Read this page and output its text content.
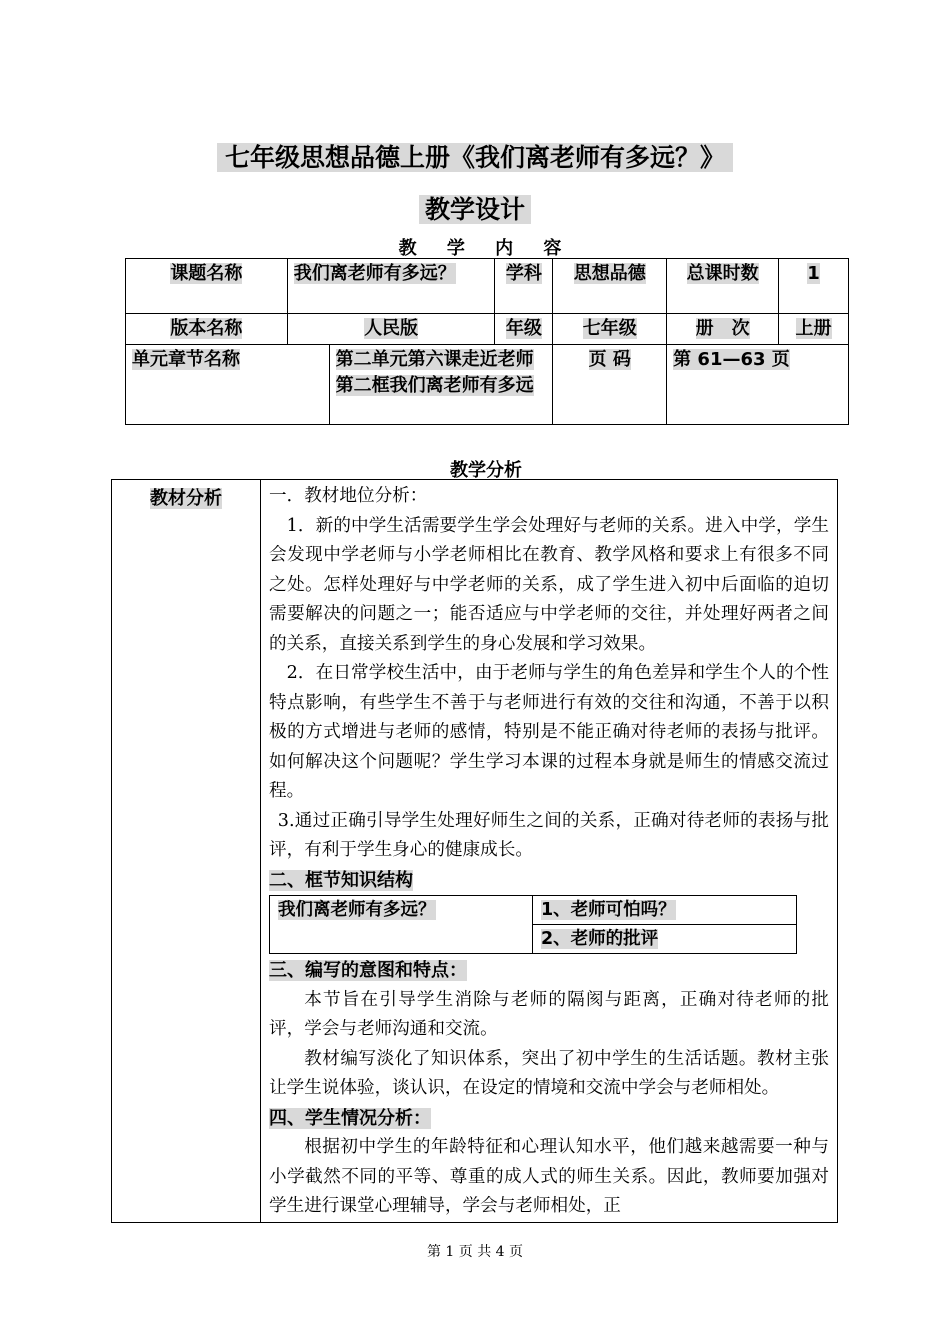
七年级思想品德上册《我们离老师有多远？》
教学设计
教 学 内 容
课题名称	我们离老师有多远？		学科	思想品德	总课时数	1
版本名称	人民版		年级	七年级	册　次	上册
单元章节名称		第二单元第六课走近老师第二框我们离老师有多远		页 码	第 61—63 页	
教学分析
教材分析	一．教材地位分析：

1．新的中学生活需要学生学会处理好与老师的关系。进入中学，学生会发现中学老师与小学老师相比在教育、教学风格和要求上有很多不同之处。怎样处理好与中学老师的关系，成了学生进入初中后面临的迫切需要解决的问题之一；能否适应与中学老师的交往，并处理好两者之间的关系，直接关系到学生的身心发展和学习效果。

2．在日常学校生活中，由于老师与学生的角色差异和学生个人的个性特点影响，有些学生不善于与老师进行有效的交往和沟通，不善于以积极的方式增进与老师的感情，特别是不能正确对待老师的表扬与批评。如何解决这个问题呢？学生学习本课的过程本身就是师生的情感交流过程。

3.通过正确引导学生处理好师生之间的关系，正确对待老师的表扬与批评，有利于学生身心的健康成长。

二、框节知识结构

我们离老师有多远？	1、老师可怕吗？
2、老师的批评

三、编写的意图和特点：

本节旨在引导学生消除与老师的隔阂与距离，正确对待老师的批评，学会与老师沟通和交流。

教材编写淡化了知识体系，突出了初中学生的生活话题。教材主张让学生说体验，谈认识，在设定的情境和交流中学会与老师相处。

四、学生情况分析：

根据初中学生的年龄特征和心理认知水平，他们越来越需要一种与小学截然不同的平等、尊重的成人式的师生关系。因此，教师要加强对学生进行课堂心理辅导，学会与老师相处，正

第 1 页 共 4 页
